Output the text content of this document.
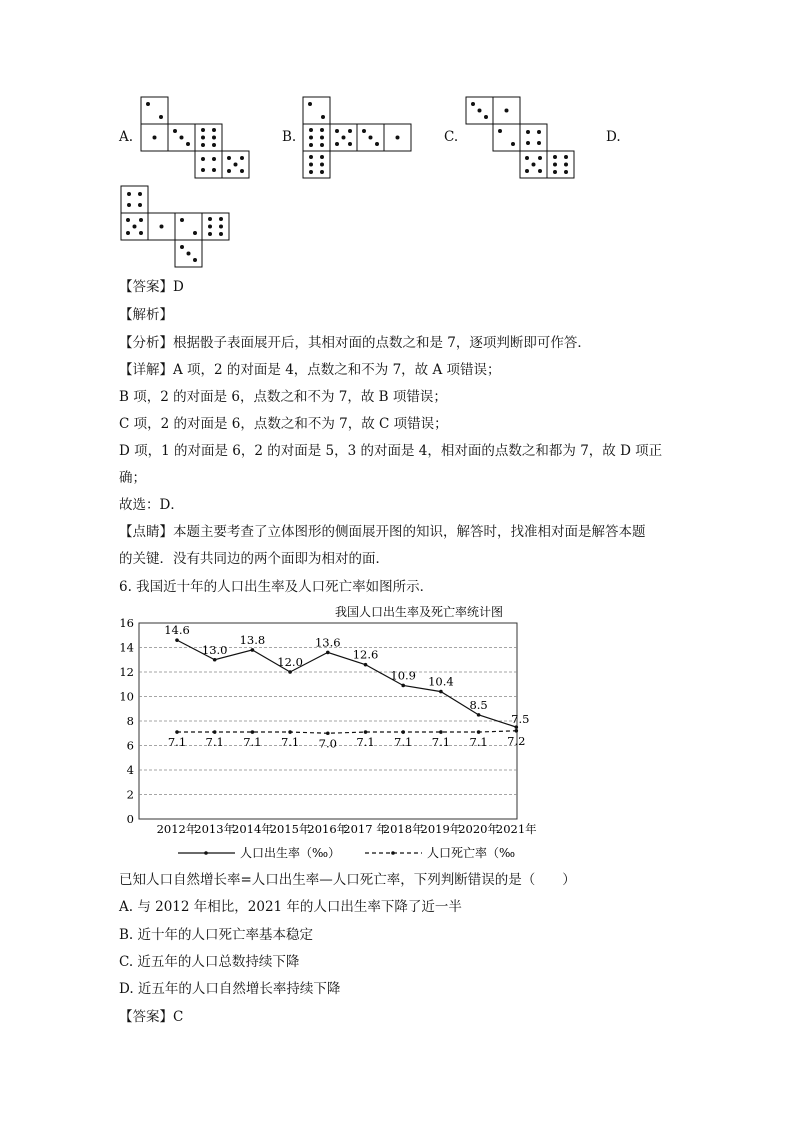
A.	B.	C.	D.
【答案】D
【解析】
【分析】根据骰子表面展开后，其相对面的点数之和是 7，逐项判断即可作答．
【详解】A 项，2 的对面是 4，点数之和不为 7，故 A 项错误；
B 项，2 的对面是 6，点数之和不为 7，故 B 项错误；
C 项，2 的对面是 6，点数之和不为 7，故 C 项错误；
D 项，1 的对面是 6，2 的对面是 5，3 的对面是 4，相对面的点数之和都为 7，故 D 项正
确；
故选：D．
【点睛】本题主要考查了立体图形的侧面展开图的知识，解答时，找准相对面是解答本题
的关键．没有共同边的两个面即为相对的面．
6. 我国近十年的人口出生率及人口死亡率如图所示．
我国人口出生率及死亡率统计图
0
2
4
6
8
10
12
14
16
2012年
2013年
2014年
2015年
2016年
2017 年
2018年
2019年
2020年
2021年
14.6
13.0
13.8
12.0
13.6
12.6
10.9 10.4
8.5
7.5
7.1 7.1 7.1 7.1 7.0 7.1 7.1 7.1 7.1 7.2
人口出生率（‰）	人口死亡率（‰
已知人口自然增长率=人口出生率—人口死亡率，下列判断错误的是（　　）
A. 与 2012 年相比，2021 年的人口出生率下降了近一半
B. 近十年的人口死亡率基本稳定
C. 近五年的人口总数持续下降
D. 近五年的人口自然增长率持续下降
【答案】C
